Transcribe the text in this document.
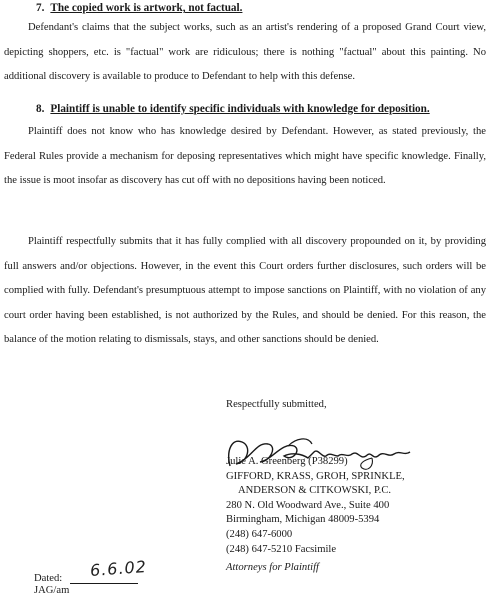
7. The copied work is artwork, not factual.

Defendant's claims that the subject works, such as an artist's rendering of a proposed Grand Court view, depicting shoppers, etc. is "factual" work are ridiculous; there is nothing "factual" about this painting. No additional discovery is available to produce to Defendant to help with this defense.

8. Plaintiff is unable to identify specific individuals with knowledge for deposition.

Plaintiff does not know who has knowledge desired by Defendant. However, as stated previously, the Federal Rules provide a mechanism for deposing representatives which might have specific knowledge. Finally, the issue is moot insofar as discovery has cut off with no depositions having been noticed.

Plaintiff respectfully submits that it has fully complied with all discovery propounded on it, by providing full answers and/or objections. However, in the event this Court orders further disclosures, such orders will be complied with fully. Defendant's presumptuous attempt to impose sanctions on Plaintiff, with no violation of any court order having been established, is not authorized by the Rules, and should be denied. For this reason, the balance of the motion relating to dismissals, stays, and other sanctions should be denied.

Respectfully submitted,
Julie A. Greenberg (P38299)
GIFFORD, KRASS, GROH, SPRINKLE,
ANDERSON & CITKOWSKI, P.C.
280 N. Old Woodward Ave., Suite 400
Birmingham, Michigan 48009-5394
(248) 647-6000
(248) 647-5210 Facsimile
Attorneys for Plaintiff
Dated: 6.6.02
JAG/am
